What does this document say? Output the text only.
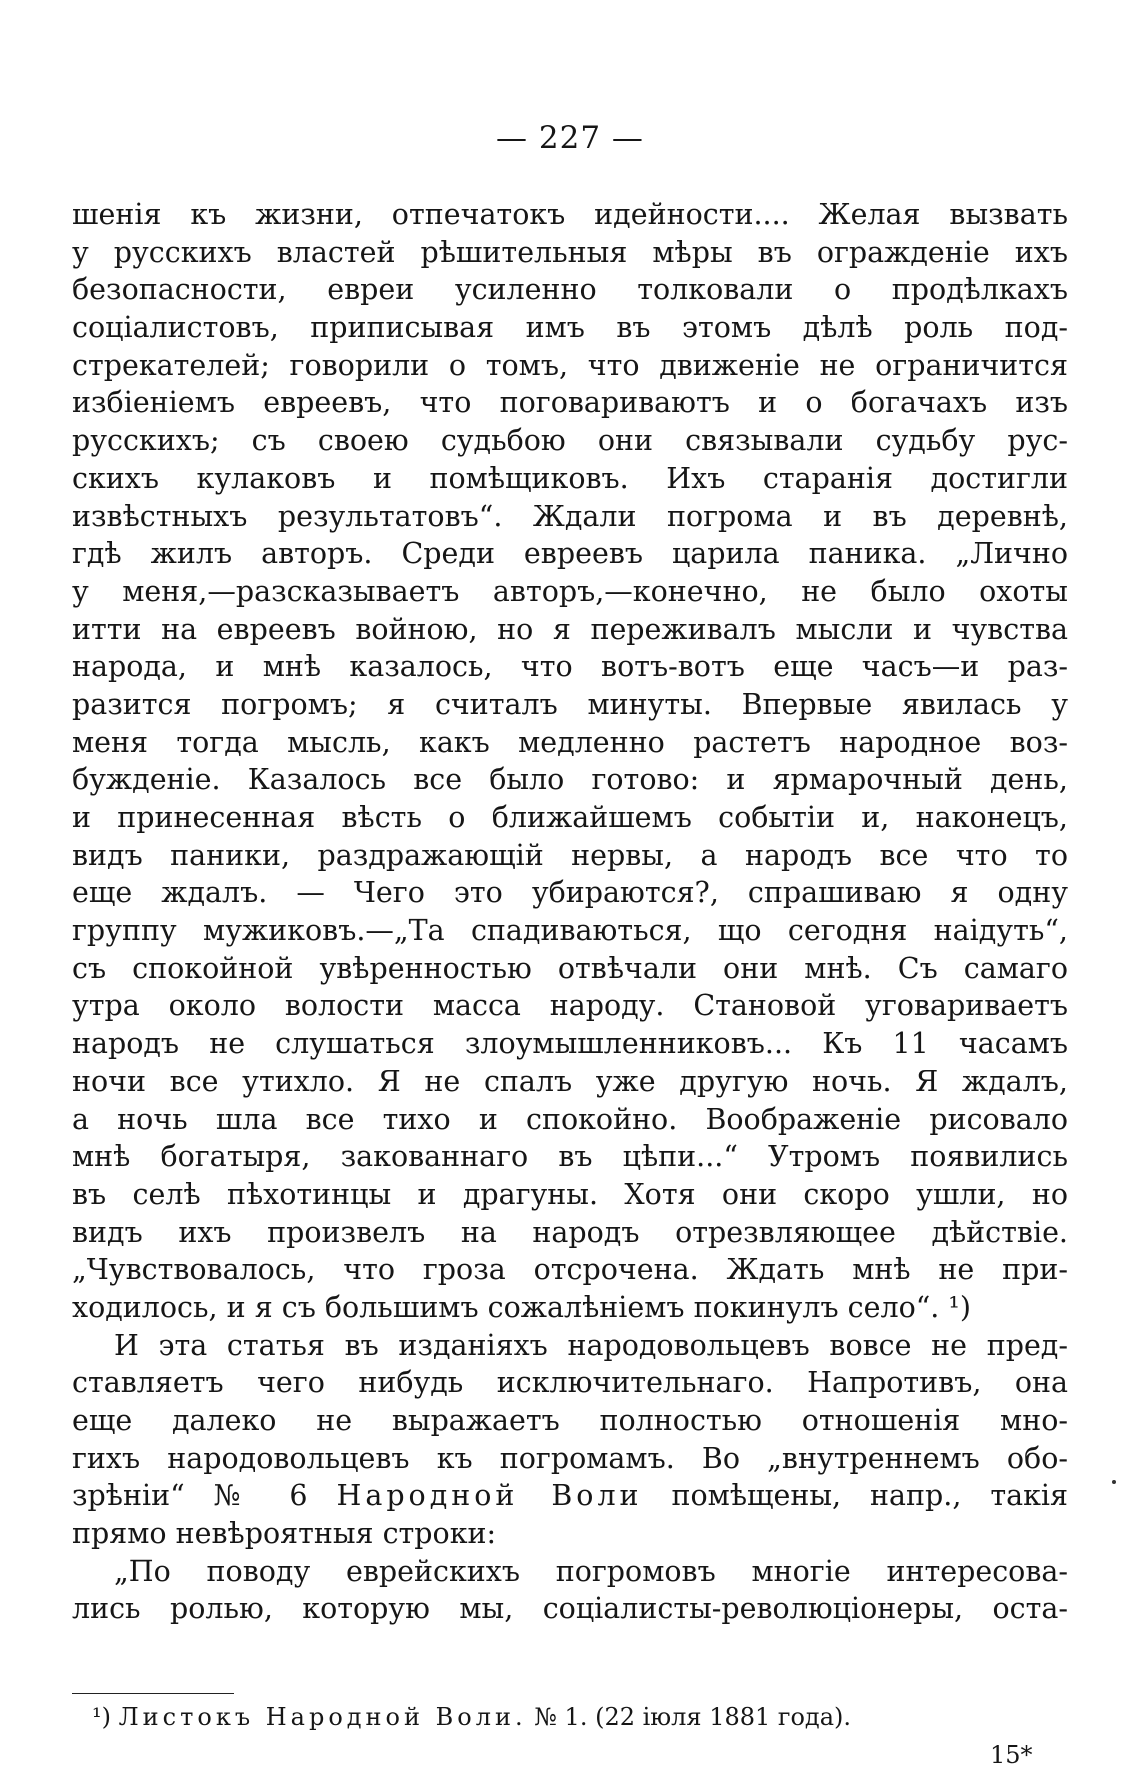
— 227 —
шенія къ жизни, отпечатокъ идейности.... Желая вызвать
у русскихъ властей рѣшительныя мѣры въ огражденіе ихъ
безопасности, евреи усиленно толковали о продѣлкахъ
соціалистовъ, приписывая имъ въ этомъ дѣлѣ роль под-
стрекателей; говорили о томъ, что движеніе не ограничится
избіеніемъ евреевъ, что поговариваютъ и о богачахъ изъ
русскихъ; съ своею судьбою они связывали судьбу рус-
скихъ кулаковъ и помѣщиковъ. Ихъ старанія достигли
извѣстныхъ результатовъ“. Ждали погрома и въ деревнѣ,
гдѣ жилъ авторъ. Среди евреевъ царила паника. „Лично
у меня,—разсказываетъ авторъ,—конечно, не было охоты
итти на евреевъ войною, но я переживалъ мысли и чувства
народа, и мнѣ казалось, что вотъ-вотъ еще часъ—и раз-
разится погромъ; я считалъ минуты. Впервые явилась у
меня тогда мысль, какъ медленно растетъ народное воз-
бужденіе. Казалось все было готово: и ярмарочный день,
и принесенная вѣсть о ближайшемъ событіи и, наконецъ,
видъ паники, раздражающій нервы, а народъ все что то
еще ждалъ. — Чего это убираются?, спрашиваю я одну
группу мужиковъ.—„Та спадиваються, що сегодня наідуть“,
съ спокойной увѣренностью отвѣчали они мнѣ. Съ самаго
утра около волости масса народу. Становой уговариваетъ
народъ не слушаться злоумышленниковъ... Къ 11 часамъ
ночи все утихло. Я не спалъ уже другую ночь. Я ждалъ,
а ночь шла все тихо и спокойно. Воображеніе рисовало
мнѣ богатыря, закованнаго въ цѣпи...“ Утромъ появились
въ селѣ пѣхотинцы и драгуны. Хотя они скоро ушли, но
видъ ихъ произвелъ на народъ отрезвляющее дѣйствіе.
„Чувствовалось, что гроза отсрочена. Ждать мнѣ не при-
ходилось, и я съ большимъ сожалѣніемъ покинулъ село“. ¹)
И эта статья въ изданіяхъ народовольцевъ вовсе не пред-
ставляетъ чего нибудь исключительнаго. Напротивъ, она
еще далеко не выражаетъ полностью отношенія мно-
гихъ народовольцевъ къ погромамъ. Во „внутреннемъ обо-
зрѣніи“ № 6 Народной Воли помѣщены, напр., такія
прямо невѣроятныя строки:
„По поводу еврейскихъ погромовъ многіе интересова-
лись ролью, которую мы, соціалисты-революціонеры, оста-
¹) Листокъ Народной Воли. № 1. (22 іюля 1881 года).
15*
